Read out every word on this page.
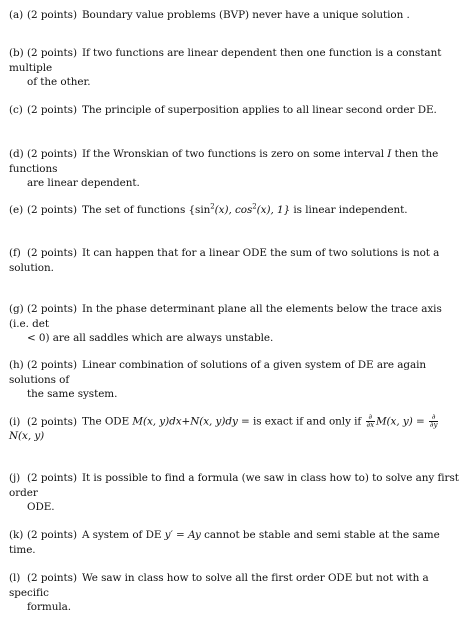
(a) (2 points) Boundary value problems (BVP) never have a unique solution .
(b) (2 points) If two functions are linear dependent then one function is a constant multiple
of the other.
(c) (2 points) The principle of superposition applies to all linear second order DE.
(d) (2 points) If the Wronskian of two functions is zero on some interval I then the functions
are linear dependent.
(e) (2 points) The set of functions {$\sin^2(x)$, $\cos^2(x)$, 1} is linear independent.
(f) (2 points) It can happen that for a linear ODE the sum of two solutions is not a solution.
(g) (2 points) In the phase determinant plane all the elements below the trace axis (i.e. det
< 0) are all saddles which are always unstable.
(h) (2 points) Linear combination of solutions of a given system of DE are again solutions of
the same system.
(i) (2 points) The ODE M(x, y)dx+N(x, y)dy = is exact if and only if $\frac{\partial}{\partial x} M(x$, $y) = \frac{\partial}{\partial y}$
N(x, y)
(j) (2 points) It is possible to find a formula (we saw in class how to) to solve any first order
ODE.
(k) (2 points) A system of DE y′ = Ay cannot be stable and semi stable at the same time.
(l) (2 points) We saw in class how to solve all the first order ODE but not with a specific
formula.
